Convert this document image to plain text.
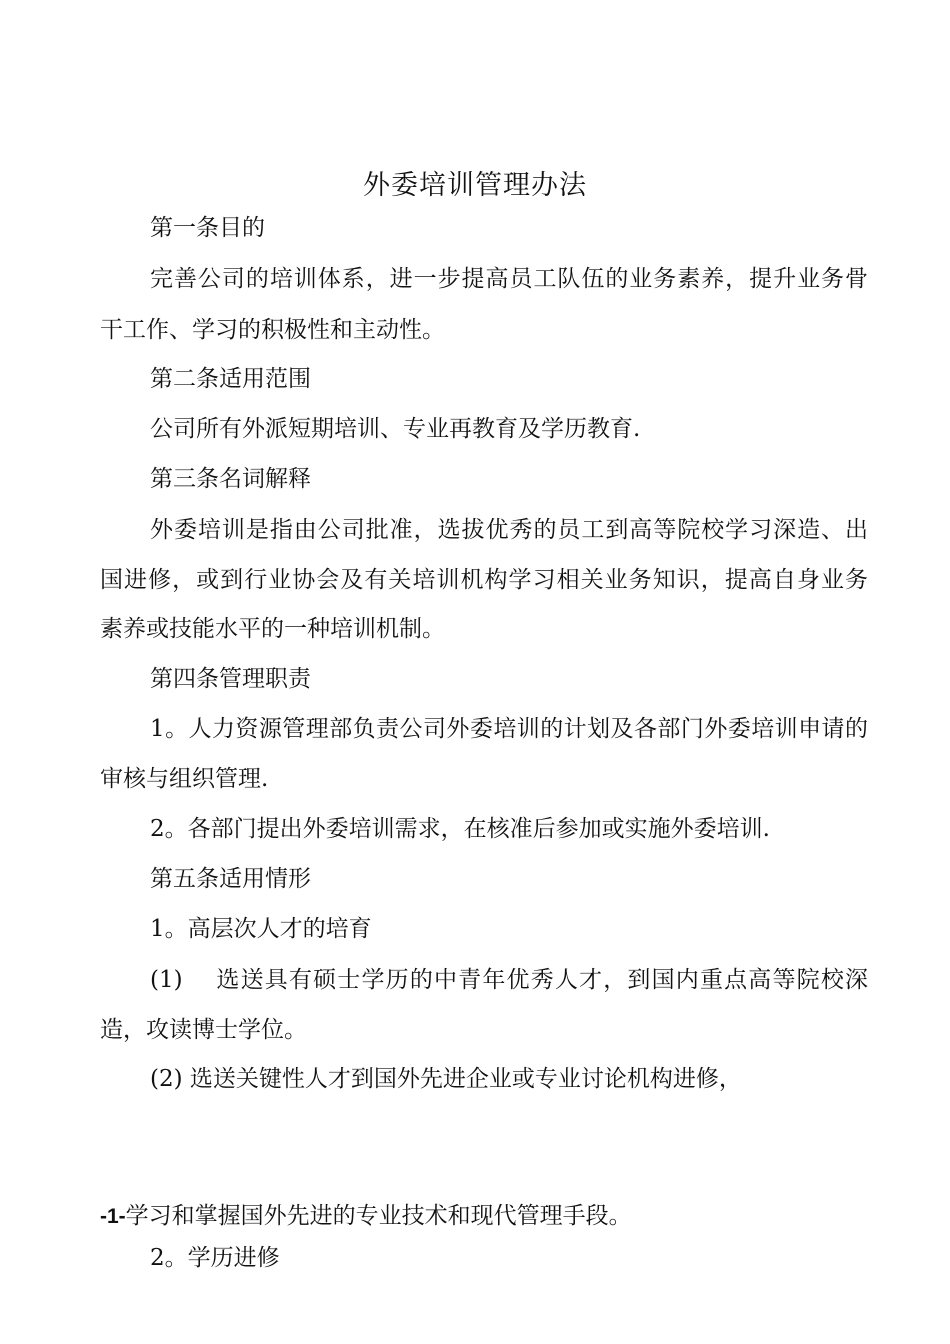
外委培训管理办法
第一条目的
完善公司的培训体系，进一步提高员工队伍的业务素养，提升业务骨
干工作、学习的积极性和主动性。
第二条适用范围
公司所有外派短期培训、专业再教育及学历教育.
第三条名词解释
外委培训是指由公司批准，选拔优秀的员工到高等院校学习深造、出
国进修，或到行业协会及有关培训机构学习相关业务知识，提高自身业务
素养或技能水平的一种培训机制。
第四条管理职责
1。人力资源管理部负责公司外委培训的计划及各部门外委培训申请的
审核与组织管理.
2。各部门提出外委培训需求，在核准后参加或实施外委培训.
第五条适用情形
1。高层次人才的培育
(1)　 选送具有硕士学历的中青年优秀人才，到国内重点高等院校深
造，攻读博士学位。
(2) 选送关键性人才到国外先进企业或专业讨论机构进修，
-1-学习和掌握国外先进的专业技术和现代管理手段。
2。学历进修
